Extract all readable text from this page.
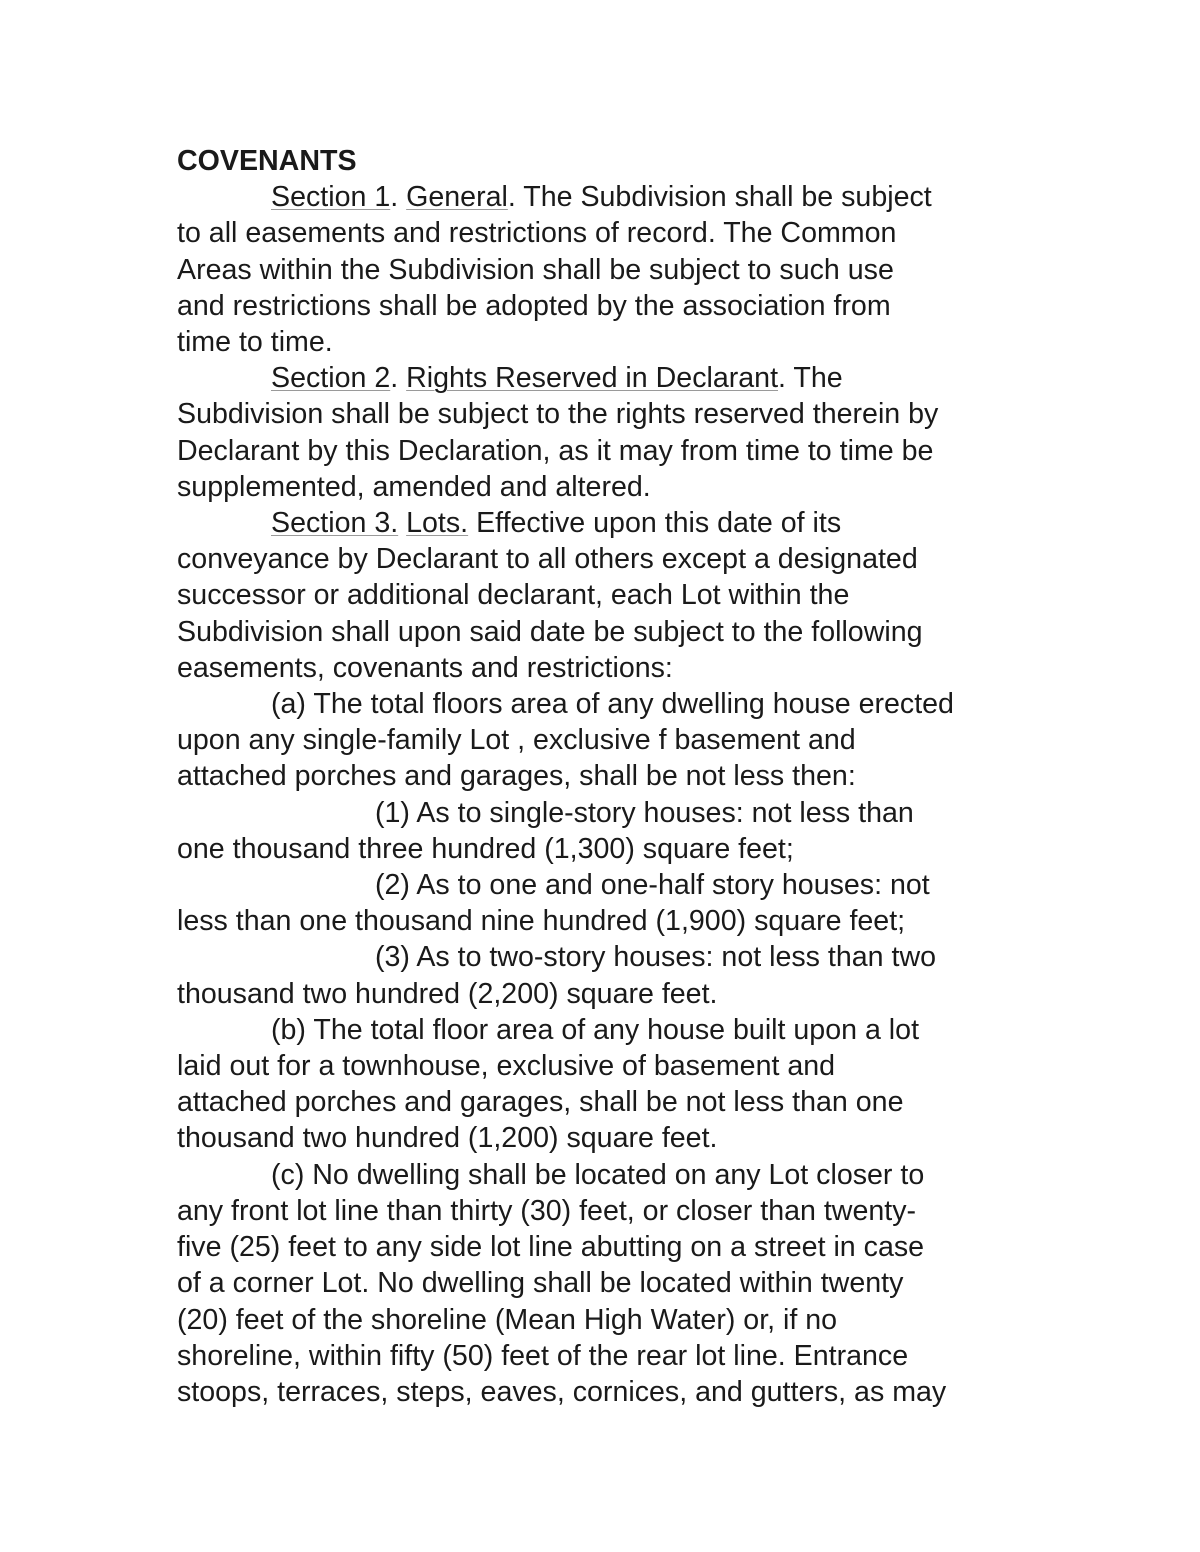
COVENANTS

Section 1. General. The Subdivision shall be subject

to all easements and restrictions of record. The Common

Areas within the Subdivision shall be subject to such use

and restrictions shall be adopted by the association from

time to time.

Section 2. Rights Reserved in Declarant. The

Subdivision shall be subject to the rights reserved therein by

Declarant by this Declaration, as it may from time to time be

supplemented, amended and altered.

Section 3. Lots. Effective upon this date of its

conveyance by Declarant to all others except a designated

successor or additional declarant, each Lot within the

Subdivision shall upon said date be subject to the following

easements, covenants and restrictions:

(a) The total floors area of any dwelling house erected

upon any single-family Lot , exclusive f basement and

attached porches and garages, shall be not less then:

(1) As to single-story houses: not less than

one thousand three hundred (1,300) square feet;

(2) As to one and one-half story houses: not

less than one thousand nine hundred (1,900) square feet;

(3) As to two-story houses: not less than two

thousand two hundred (2,200) square feet.

(b) The total floor area of any house built upon a lot

laid out for a townhouse, exclusive of basement and

attached porches and garages, shall be not less than one

thousand two hundred (1,200) square feet.

(c) No dwelling shall be located on any Lot closer to

any front lot line than thirty (30) feet, or closer than twenty-

five (25) feet to any side lot line abutting on a street in case

of a corner Lot. No dwelling shall be located within twenty

(20) feet of the shoreline (Mean High Water) or, if no

shoreline, within fifty (50) feet of the rear lot line. Entrance

stoops, terraces, steps, eaves, cornices, and gutters, as may
